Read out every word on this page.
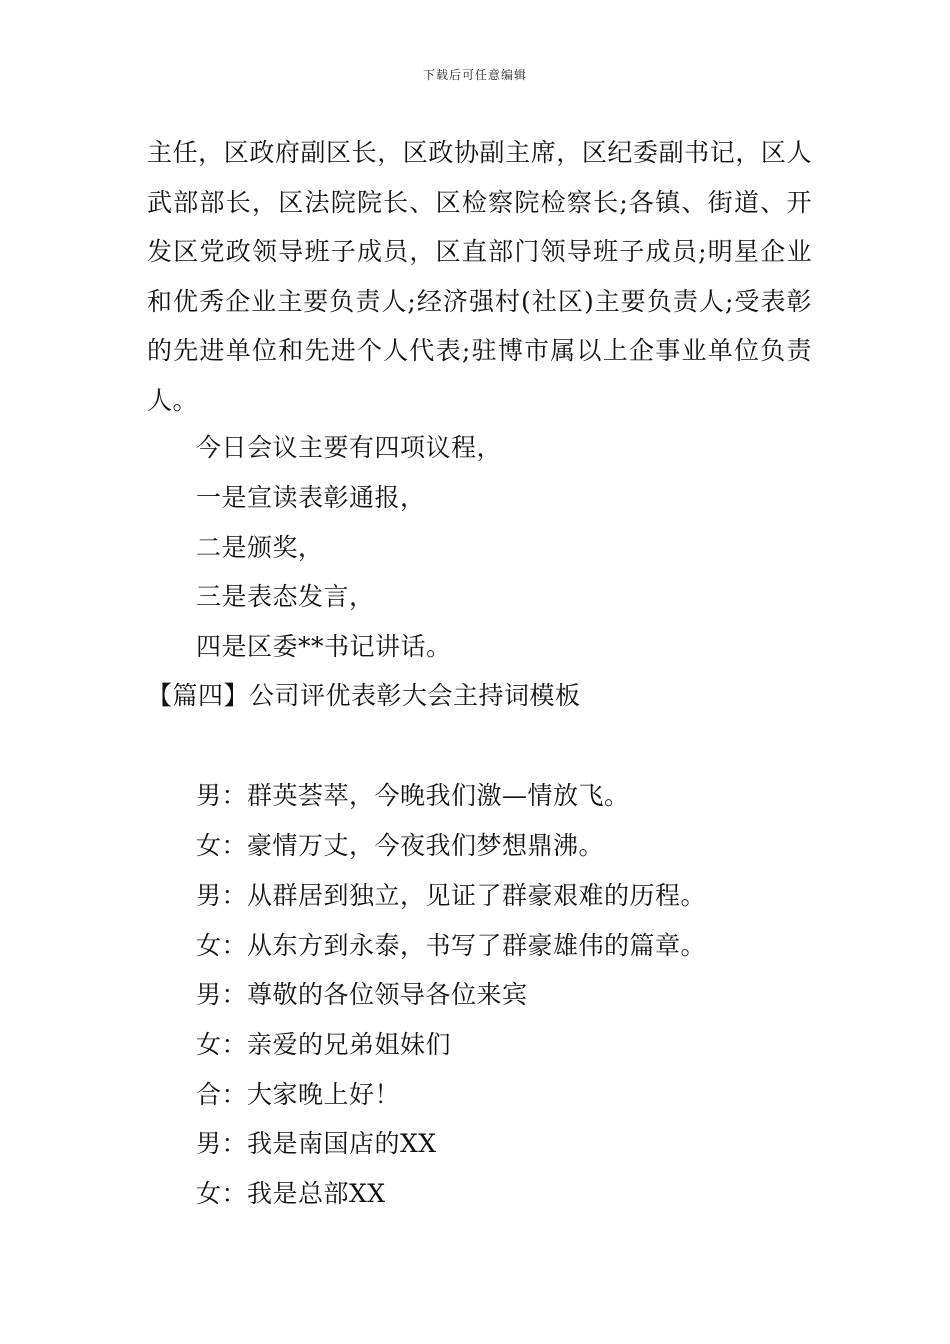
下载后可任意编辑

主任，区政府副区长，区政协副主席，区纪委副书记，区人武部部长，区法院院长、区检察院检察长;各镇、街道、开发区党政领导班子成员，区直部门领导班子成员;明星企业和优秀企业主要负责人;经济强村(社区)主要负责人;受表彰的先进单位和先进个人代表;驻博市属以上企事业单位负责人。

今日会议主要有四项议程，

一是宣读表彰通报，

二是颁奖，

三是表态发言，

四是区委**书记讲话。

【篇四】公司评优表彰大会主持词模板

男：群英荟萃，今晚我们激—情放飞。

女：豪情万丈，今夜我们梦想鼎沸。

男：从群居到独立，见证了群豪艰难的历程。

女：从东方到永泰，书写了群豪雄伟的篇章。

男：尊敬的各位领导各位来宾

女：亲爱的兄弟姐妹们

合：大家晚上好！

男：我是南国店的XX

女：我是总部XX
